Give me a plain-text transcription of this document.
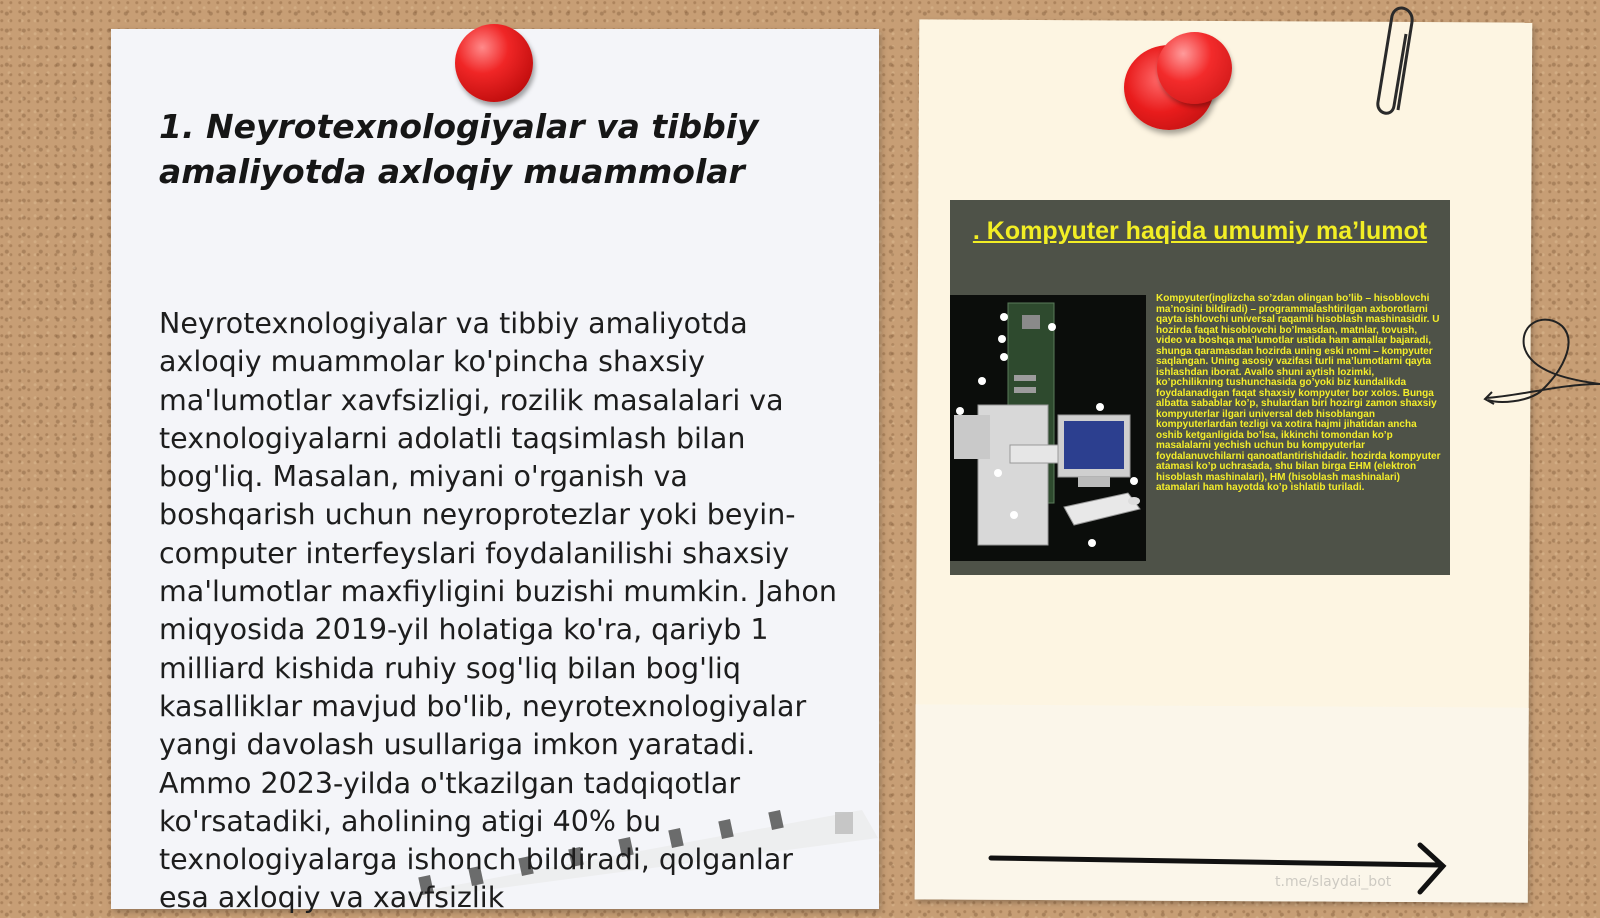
1. Neyrotexnologiyalar va tibbiy amaliyotda axloqiy muammolar

Neyrotexnologiyalar va tibbiy amaliyotda axloqiy muammolar ko'pincha shaxsiy ma'lumotlar xavfsizligi, rozilik masalalari va texnologiyalarni adolatli taqsimlash bilan bog'liq. Masalan, miyani o'rganish va boshqarish uchun neyroprotezlar yoki beyin-computer interfeyslari foydalanilishi shaxsiy ma'lumotlar maxfiyligini buzishi mumkin. Jahon miqyosida 2019-yil holatiga ko'ra, qariyb 1 milliard kishida ruhiy sog'liq bilan bog'liq kasalliklar mavjud bo'lib, neyrotexnologiyalar yangi davolash usullariga imkon yaratadi. Ammo 2023-yilda o'tkazilgan tadqiqotlar ko'rsatadiki, aholining atigi 40% bu texnologiyalarga ishonch bildiradi, qolganlar esa axloqiy va xavfsizlik

. Kompyuter haqida umumiy ma’lumot
Kompyuter(inglizcha so’zdan olingan bo’lib – hisoblovchi ma’nosini bildiradi) – programmalashtirilgan axborotlarni qayta ishlovchi universal raqamli hisoblash mashinasidir. U hozirda faqat hisoblovchi bo’lmasdan, matnlar, tovush, video va boshqa ma’lumotlar ustida ham amallar bajaradi, shunga qaramasdan hozirda uning eski nomi – kompyuter saqlangan. Uning asosiy vazifasi turli ma’lumotlarni qayta ishlashdan iborat. Avallo shuni aytish lozimki, ko’pchilikning tushunchasida go’yoki biz kundalikda foydalanadigan faqat shaxsiy kompyuter bor xolos. Bunga albatta sabablar ko’p, shulardan biri hozirgi zamon shaxsiy kompyuterlar ilgari universal deb hisoblangan kompyuterlardan tezligi va xotira hajmi jihatidan ancha oshib ketganligida bo’lsa, ikkinchi tomondan ko’p masalalarni yechish uchun bu kompyuterlar foydalanuvchilarni qanoatlantirishidadir. hozirda kompyuter atamasi ko’p uchrasada, shu bilan birga EHM (elektron hisoblash mashinalari), HM (hisoblash mashinalari) atamalari ham hayotda ko’p ishlatib turiladi.
t.me/slaydai_bot
